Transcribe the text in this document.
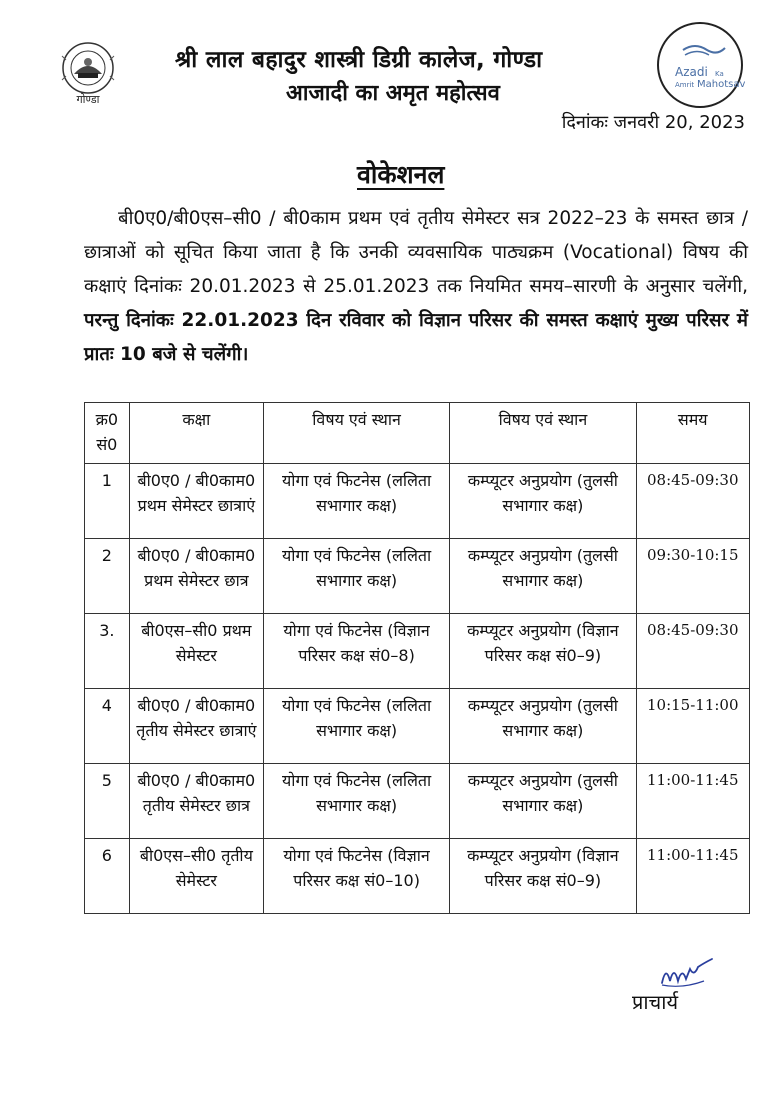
गोण्डा
श्री लाल बहादुर शास्त्री डिग्री कालेज, गोण्डा
आजादी का अमृत महोत्सव
Azadi Ka
Amrit Mahotsav
दिनांकः जनवरी 20, 2023
वोकेशनल
बी0ए0/बी0एस–सी0 / बी0काम प्रथम एवं तृतीय सेमेस्टर सत्र 2022–23 के समस्त छात्र / छात्राओं को सूचित किया जाता है कि उनकी व्यवसायिक पाठ्यक्रम (Vocational) विषय की कक्षाएं दिनांकः 20.01.2023 से 25.01.2023 तक नियमित समय–सारणी के अनुसार चलेंगी, परन्तु दिनांकः 22.01.2023 दिन रविवार को विज्ञान परिसर की समस्त कक्षाएं मुख्य परिसर में प्रातः 10 बजे से चलेंगी।
क्र0 सं0	कक्षा	विषय एवं स्थान	विषय एवं स्थान	समय
1	बी0ए0 / बी0काम0 प्रथम सेमेस्टर छात्राएं	योगा एवं फिटनेस (ललिता सभागार कक्ष)	कम्प्यूटर अनुप्रयोग (तुलसी सभागार कक्ष)	08:45-09:30
2	बी0ए0 / बी0काम0 प्रथम सेमेस्टर छात्र	योगा एवं फिटनेस (ललिता सभागार कक्ष)	कम्प्यूटर अनुप्रयोग (तुलसी सभागार कक्ष)	09:30-10:15
3.	बी0एस–सी0 प्रथम सेमेस्टर	योगा एवं फिटनेस (विज्ञान परिसर कक्ष सं0–8)	कम्प्यूटर अनुप्रयोग (विज्ञान परिसर कक्ष सं0–9)	08:45-09:30
4	बी0ए0 / बी0काम0 तृतीय सेमेस्टर छात्राएं	योगा एवं फिटनेस (ललिता सभागार कक्ष)	कम्प्यूटर अनुप्रयोग (तुलसी सभागार कक्ष)	10:15-11:00
5	बी0ए0 / बी0काम0 तृतीय सेमेस्टर छात्र	योगा एवं फिटनेस (ललिता सभागार कक्ष)	कम्प्यूटर अनुप्रयोग (तुलसी सभागार कक्ष)	11:00-11:45
6	बी0एस–सी0 तृतीय सेमेस्टर	योगा एवं फिटनेस (विज्ञान परिसर कक्ष सं0–10)	कम्प्यूटर अनुप्रयोग (विज्ञान परिसर कक्ष सं0–9)	11:00-11:45
प्राचार्य
